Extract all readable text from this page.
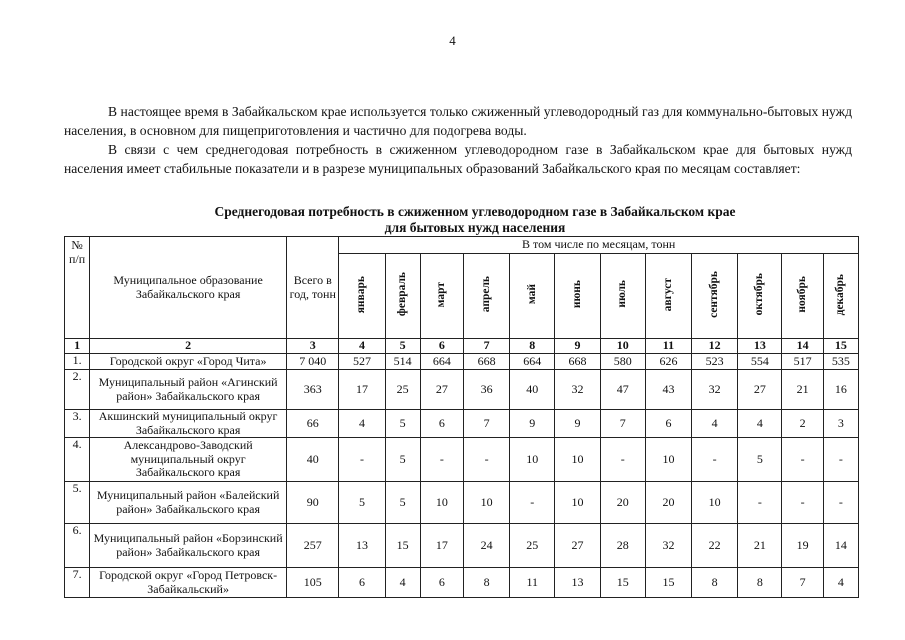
4

В настоящее время в Забайкальском крае используется только сжиженный углеводородный газ для коммунально-бытовых нужд населения, в основном для пищеприготовления и частично для подогрева воды.

В связи с чем среднегодовая потребность в сжиженном углеводородном газе в Забайкальском крае для бытовых нужд населения имеет стабильные показатели и в разрезе муниципальных образований Забайкальского края по месяцам составляет:

Среднегодовая потребность в сжиженном углеводородном газе в Забайкальском крае
для бытовых нужд населения
№ п/п	Муниципальное образование Забайкальского края	Всего в год, тонн	В том числе по месяцам, тонн											
			январь	февраль	март	апрель	май	июнь	июль	август	сентябрь	октябрь	ноябрь	декабрь
1	2	3	4	5	6	7	8	9	10	11	12	13	14	15
1.	Городской округ «Город Чита»	7 040	527	514	664	668	664	668	580	626	523	554	517	535
2.	Муниципальный район «Агинский район» Забайкальского края	363	17	25	27	36	40	32	47	43	32	27	21	16
3.	Акшинский муниципальный округ Забайкальского края	66	4	5	6	7	9	9	7	6	4	4	2	3
4.	Александрово-Заводский муниципальный округ Забайкальского края	40	-	5	-	-	10	10	-	10	-	5	-	-
5.	Муниципальный район «Балейский район» Забайкальского края	90	5	5	10	10	-	10	20	20	10	-	-	-
6.	Муниципальный район «Борзинский район» Забайкальского края	257	13	15	17	24	25	27	28	32	22	21	19	14
7.	Городской округ «Город Петровск-Забайкальский»	105	6	4	6	8	11	13	15	15	8	8	7	4
